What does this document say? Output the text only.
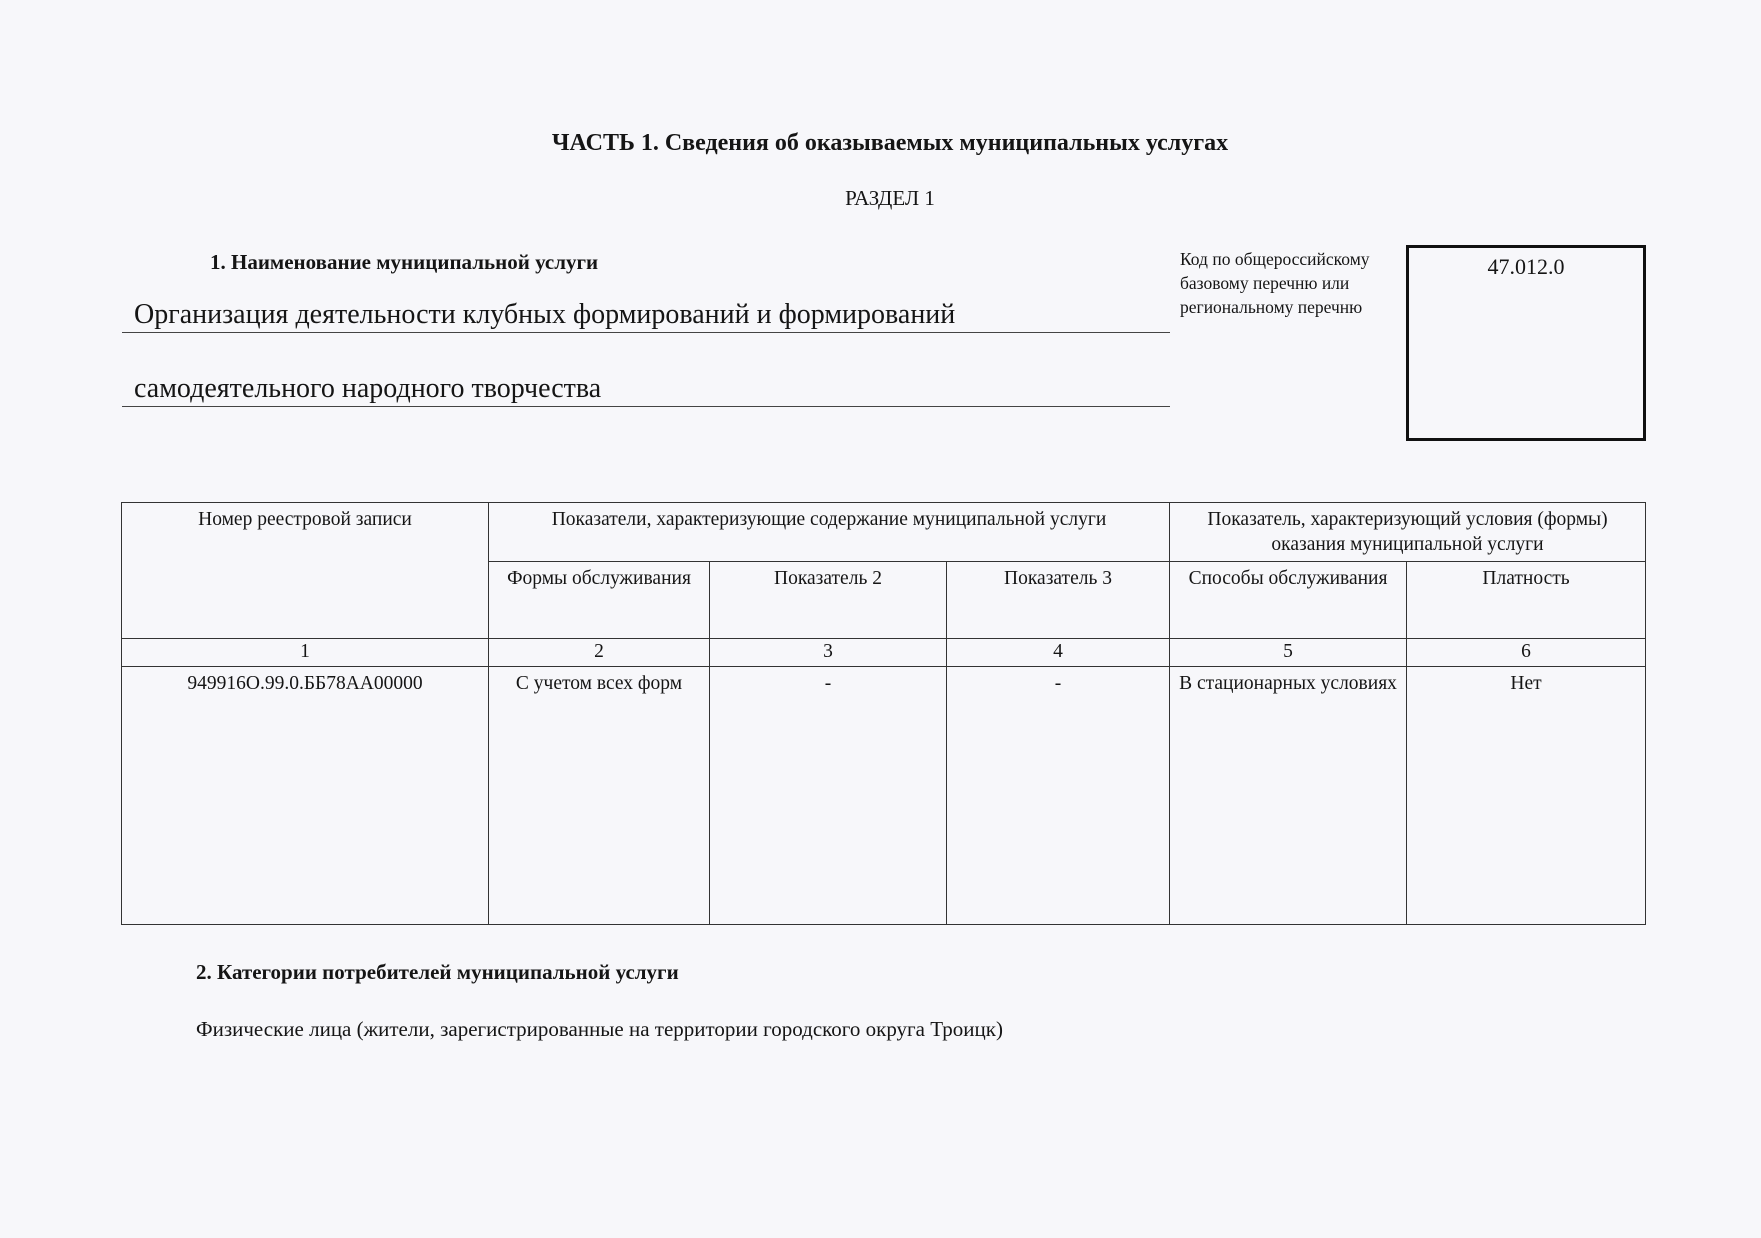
ЧАСТЬ 1. Сведения об оказываемых муниципальных услугах
РАЗДЕЛ 1
1. Наименование муниципальной услуги
Организация деятельности клубных формирований и формирований
самодеятельного народного творчества
Код по общероссийскому базовому перечню или региональному перечню
47.012.0
Номер реестровой записи	Показатели, характеризующие содержание муниципальной услуги			Показатель, характеризующий условия (формы) оказания муниципальной услуги	
	Формы обслуживания	Показатель 2	Показатель 3	Способы обслуживания	Платность
1	2	3	4	5	6
949916О.99.0.ББ78АА00000	С учетом всех форм	-	-	В стационарных условиях	Нет
2. Категории потребителей муниципальной услуги
Физические лица (жители, зарегистрированные на территории городского округа Троицк)
